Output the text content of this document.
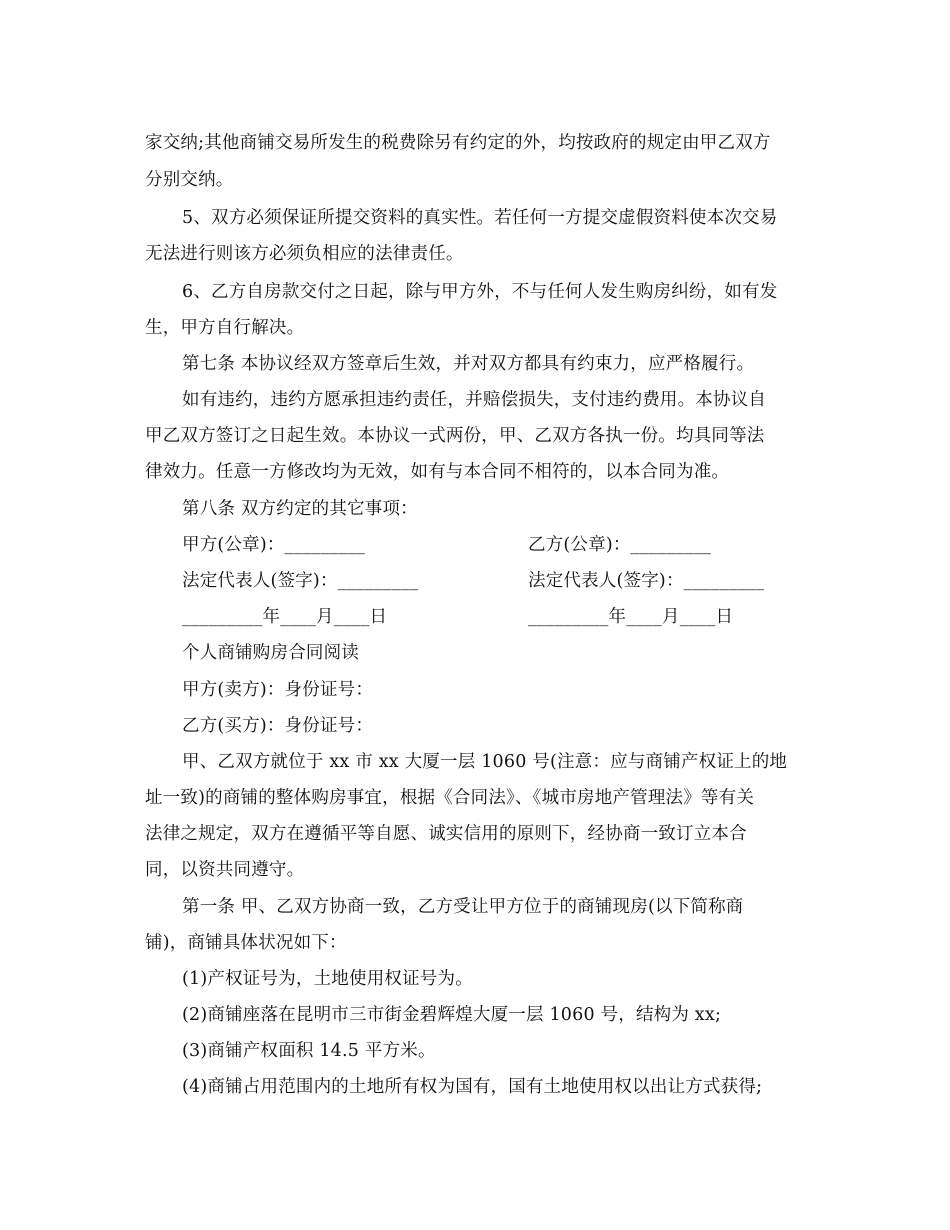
家交纳;其他商铺交易所发生的税费除另有约定的外，均按政府的规定由甲乙双方
分别交纳。
5、双方必须保证所提交资料的真实性。若任何一方提交虚假资料使本次交易
无法进行则该方必须负相应的法律责任。
6、乙方自房款交付之日起，除与甲方外，不与任何人发生购房纠纷，如有发
生，甲方自行解决。
第七条 本协议经双方签章后生效，并对双方都具有约束力，应严格履行。
如有违约，违约方愿承担违约责任，并赔偿损失，支付违约费用。本协议自
甲乙双方签订之日起生效。本协议一式两份，甲、乙双方各执一份。均具同等法
律效力。任意一方修改均为无效，如有与本合同不相符的，以本合同为准。
第八条 双方约定的其它事项：
甲方(公章)：_________	乙方(公章)：_________
法定代表人(签字)：_________	法定代表人(签字)：_________
_________年____月____日	_________年____月____日
个人商铺购房合同阅读
甲方(卖方)：身份证号：
乙方(买方)：身份证号：
甲、乙双方就位于 xx 市 xx 大厦一层 1060 号(注意：应与商铺产权证上的地
址一致)的商铺的整体购房事宜，根据《合同法》、《城市房地产管理法》等有关
法律之规定，双方在遵循平等自愿、诚实信用的原则下，经协商一致订立本合
同，以资共同遵守。
第一条 甲、乙双方协商一致，乙方受让甲方位于的商铺现房(以下简称商
铺)，商铺具体状况如下：
(1)产权证号为，土地使用权证号为。
(2)商铺座落在昆明市三市街金碧辉煌大厦一层 1060 号，结构为 xx;
(3)商铺产权面积 14.5 平方米。
(4)商铺占用范围内的土地所有权为国有，国有土地使用权以出让方式获得;
